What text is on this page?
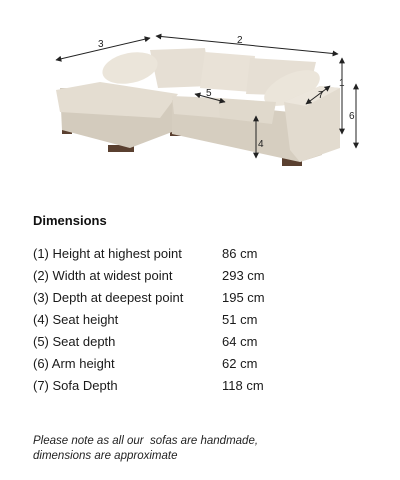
3	2
1
5	7
6
4
Dimensions
(1) Height at highest point	86 cm
(2) Width at widest point	293 cm
(3) Depth at deepest point	195 cm
(4) Seat height	51 cm
(5) Seat depth	64 cm
(6) Arm height	62 cm
(7) Sofa Depth	118 cm
Please note as all our  sofas are handmade,
dimensions are approximate
